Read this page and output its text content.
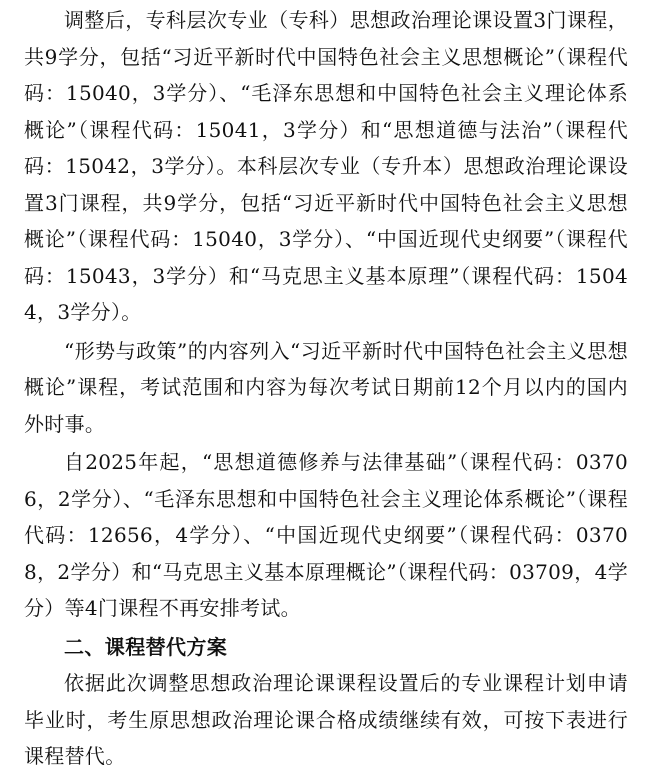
调整后，专科层次专业（专科）思想政治理论课设置3门课程，共9学分，包括“习近平新时代中国特色社会主义思想概论”（课程代码：15040，3学分）、“毛泽东思想和中国特色社会主义理论体系概论”（课程代码：15041，3学分）和“思想道德与法治”（课程代码：15042，3学分）。本科层次专业（专升本）思想政治理论课设置3门课程，共9学分，包括“习近平新时代中国特色社会主义思想概论”（课程代码：15040，3学分）、“中国近现代史纲要”（课程代码：15043，3学分）和“马克思主义基本原理”（课程代码：15044，3学分）。

“形势与政策”的内容列入“习近平新时代中国特色社会主义思想概论”课程，考试范围和内容为每次考试日期前12个月以内的国内外时事。

自2025年起，“思想道德修养与法律基础”（课程代码：03706，2学分）、“毛泽东思想和中国特色社会主义理论体系概论”（课程代码：12656，4学分）、“中国近现代史纲要”（课程代码：03708，2学分）和“马克思主义基本原理概论”（课程代码：03709，4学分）等4门课程不再安排考试。

二、课程替代方案

依据此次调整思想政治理论课课程设置后的专业课程计划申请毕业时，考生原思想政治理论课合格成绩继续有效，可按下表进行课程替代。
